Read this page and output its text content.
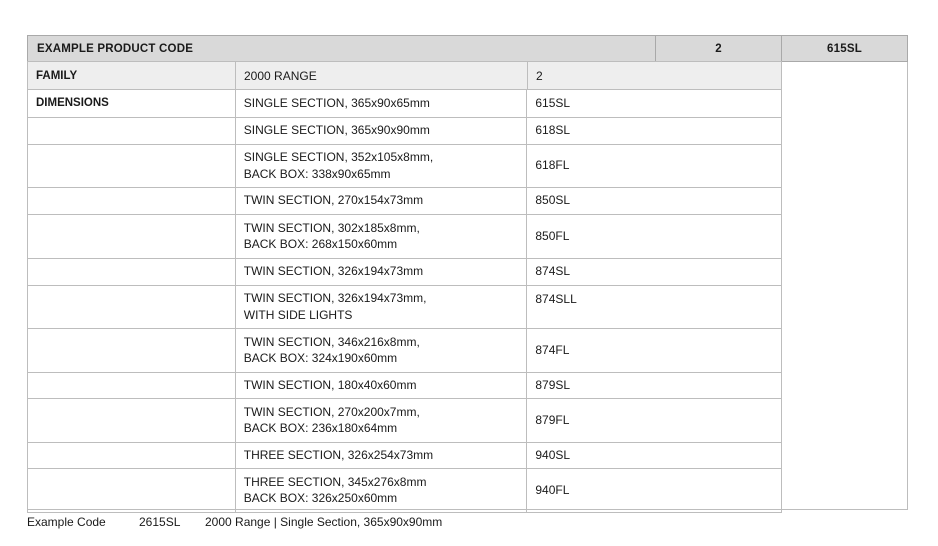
EXAMPLE PRODUCT CODE	2	615SL
FAMILY	2000 RANGE	2
DIMENSIONS	SINGLE SECTION, 365x90x65mm	615SL
	SINGLE SECTION, 365x90x90mm	618SL
	SINGLE SECTION, 352x105x8mm,
BACK BOX: 338x90x65mm	618FL
	TWIN SECTION, 270x154x73mm	850SL
	TWIN SECTION, 302x185x8mm,
BACK BOX: 268x150x60mm	850FL
	TWIN SECTION, 326x194x73mm	874SL
	TWIN SECTION, 326x194x73mm,
WITH SIDE LIGHTS	874SLL
	TWIN SECTION, 346x216x8mm,
BACK BOX: 324x190x60mm	874FL
	TWIN SECTION, 180x40x60mm	879SL
	TWIN SECTION, 270x200x7mm,
BACK BOX: 236x180x64mm	879FL
	THREE SECTION, 326x254x73mm	940SL
	THREE SECTION, 345x276x8mm
BACK BOX: 326x250x60mm	940FL
Example Code	2615SL 2000 Range | Single Section, 365x90x90mm
